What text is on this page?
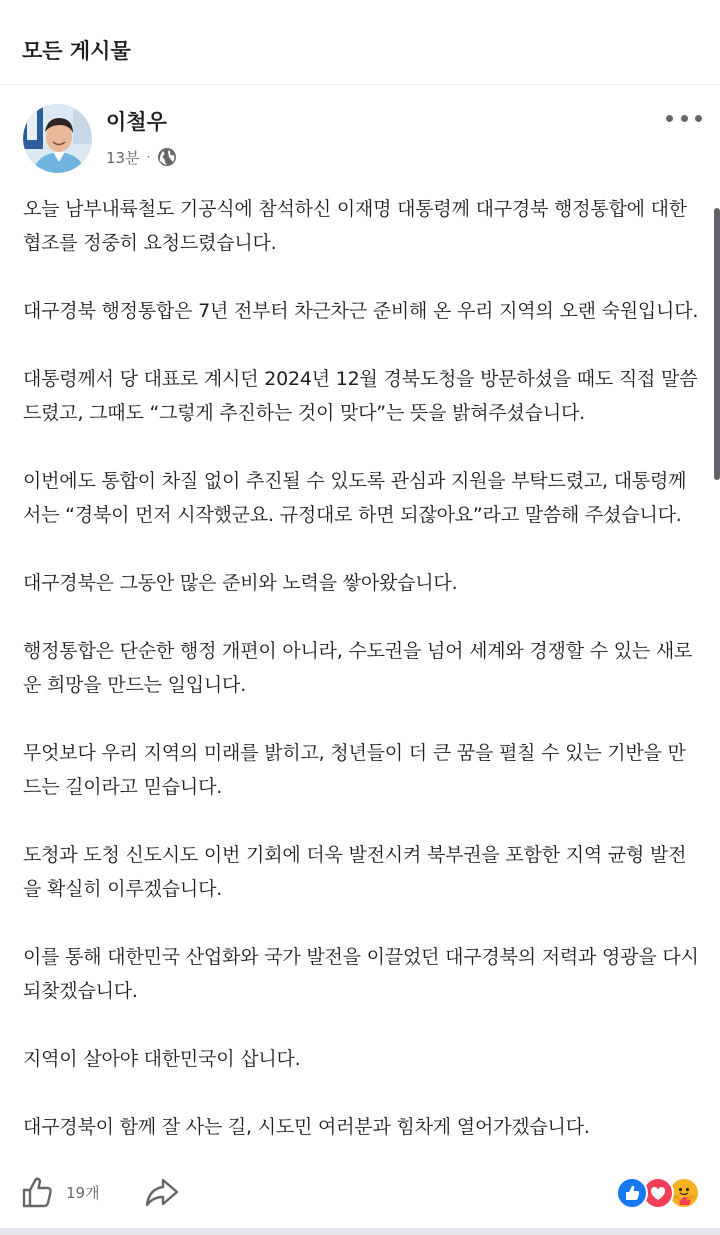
모든 게시물
이철우
13분 ·

오늘 남부내륙철도 기공식에 참석하신 이재명 대통령께 대구경북 행정통합에 대한 협조를 정중히 요청드렸습니다.

대구경북 행정통합은 7년 전부터 차근차근 준비해 온 우리 지역의 오랜 숙원입니다.

대통령께서 당 대표로 계시던 2024년 12월 경북도청을 방문하셨을 때도 직접 말씀드렸고, 그때도 “그렇게 추진하는 것이 맞다”는 뜻을 밝혀주셨습니다.

이번에도 통합이 차질 없이 추진될 수 있도록 관심과 지원을 부탁드렸고, 대통령께서는 “경북이 먼저 시작했군요. 규정대로 하면 되잖아요”라고 말씀해 주셨습니다.

대구경북은 그동안 많은 준비와 노력을 쌓아왔습니다.

행정통합은 단순한 행정 개편이 아니라, 수도권을 넘어 세계와 경쟁할 수 있는 새로운 희망을 만드는 일입니다.

무엇보다 우리 지역의 미래를 밝히고, 청년들이 더 큰 꿈을 펼칠 수 있는 기반을 만드는 길이라고 믿습니다.

도청과 도청 신도시도 이번 기회에 더욱 발전시켜 북부권을 포함한 지역 균형 발전을 확실히 이루겠습니다.

이를 통해 대한민국 산업화와 국가 발전을 이끌었던 대구경북의 저력과 영광을 다시 되찾겠습니다.

지역이 살아야 대한민국이 삽니다.

대구경북이 함께 잘 사는 길, 시도민 여러분과 힘차게 열어가겠습니다.

19개
